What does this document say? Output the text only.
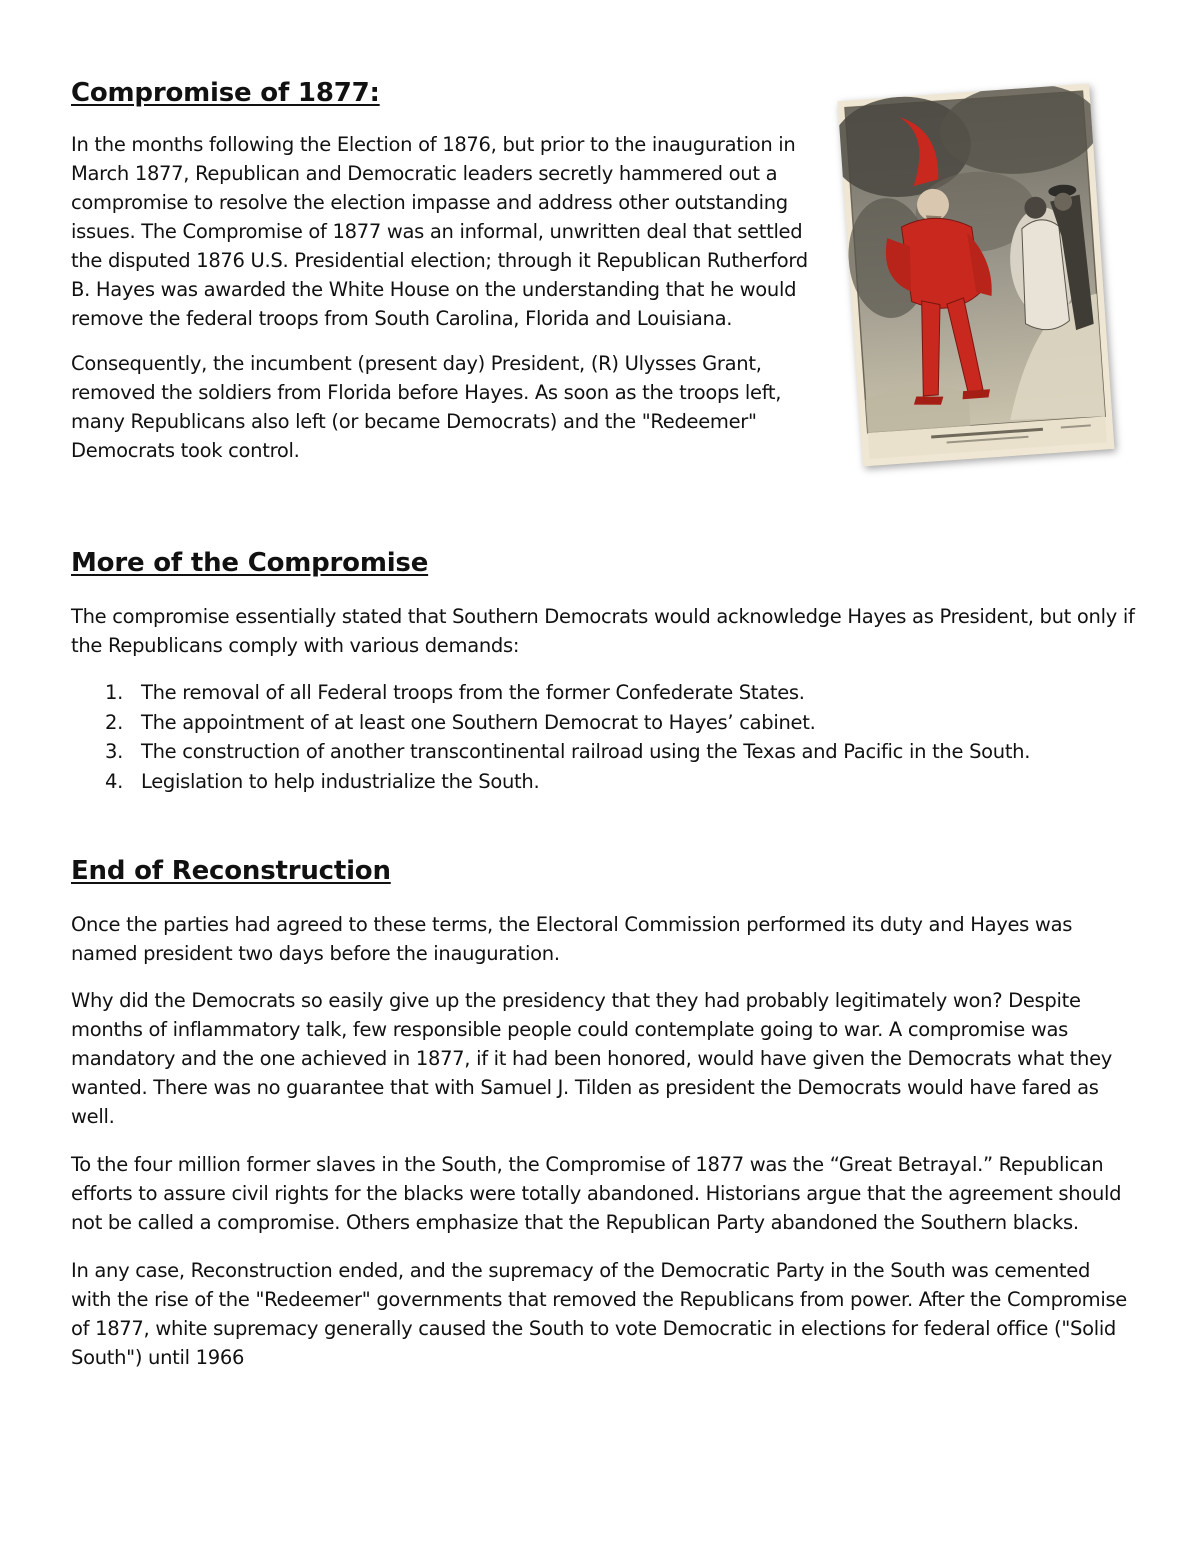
Compromise of 1877:

In the months following the Election of 1876, but prior to the inauguration in March 1877, Republican and Democratic leaders secretly hammered out a compromise to resolve the election impasse and address other outstanding issues. The Compromise of 1877 was an informal, unwritten deal that settled the disputed 1876 U.S. Presidential election; through it Republican Rutherford B. Hayes was awarded the White House on the understanding that he would remove the federal troops from South Carolina, Florida and Louisiana.

Consequently, the incumbent (present day) President, (R) Ulysses Grant, removed the soldiers from Florida before Hayes. As soon as the troops left, many Republicans also left (or became Democrats) and the "Redeemer" Democrats took control.

More of the Compromise

The compromise essentially stated that Southern Democrats would acknowledge Hayes as President, but only if the Republicans comply with various demands:

1. The removal of all Federal troops from the former Confederate States.
2. The appointment of at least one Southern Democrat to Hayes’ cabinet.
3. The construction of another transcontinental railroad using the Texas and Pacific in the South.
4. Legislation to help industrialize the South.
End of Reconstruction

Once the parties had agreed to these terms, the Electoral Commission performed its duty and Hayes was named president two days before the inauguration.

Why did the Democrats so easily give up the presidency that they had probably legitimately won? Despite months of inflammatory talk, few responsible people could contemplate going to war. A compromise was mandatory and the one achieved in 1877, if it had been honored, would have given the Democrats what they wanted. There was no guarantee that with Samuel J. Tilden as president the Democrats would have fared as well.

To the four million former slaves in the South, the Compromise of 1877 was the “Great Betrayal.” Republican efforts to assure civil rights for the blacks were totally abandoned. Historians argue that the agreement should not be called a compromise. Others emphasize that the Republican Party abandoned the Southern blacks.

In any case, Reconstruction ended, and the supremacy of the Democratic Party in the South was cemented with the rise of the "Redeemer" governments that removed the Republicans from power. After the Compromise of 1877, white supremacy generally caused the South to vote Democratic in elections for federal office ("Solid South") until 1966
